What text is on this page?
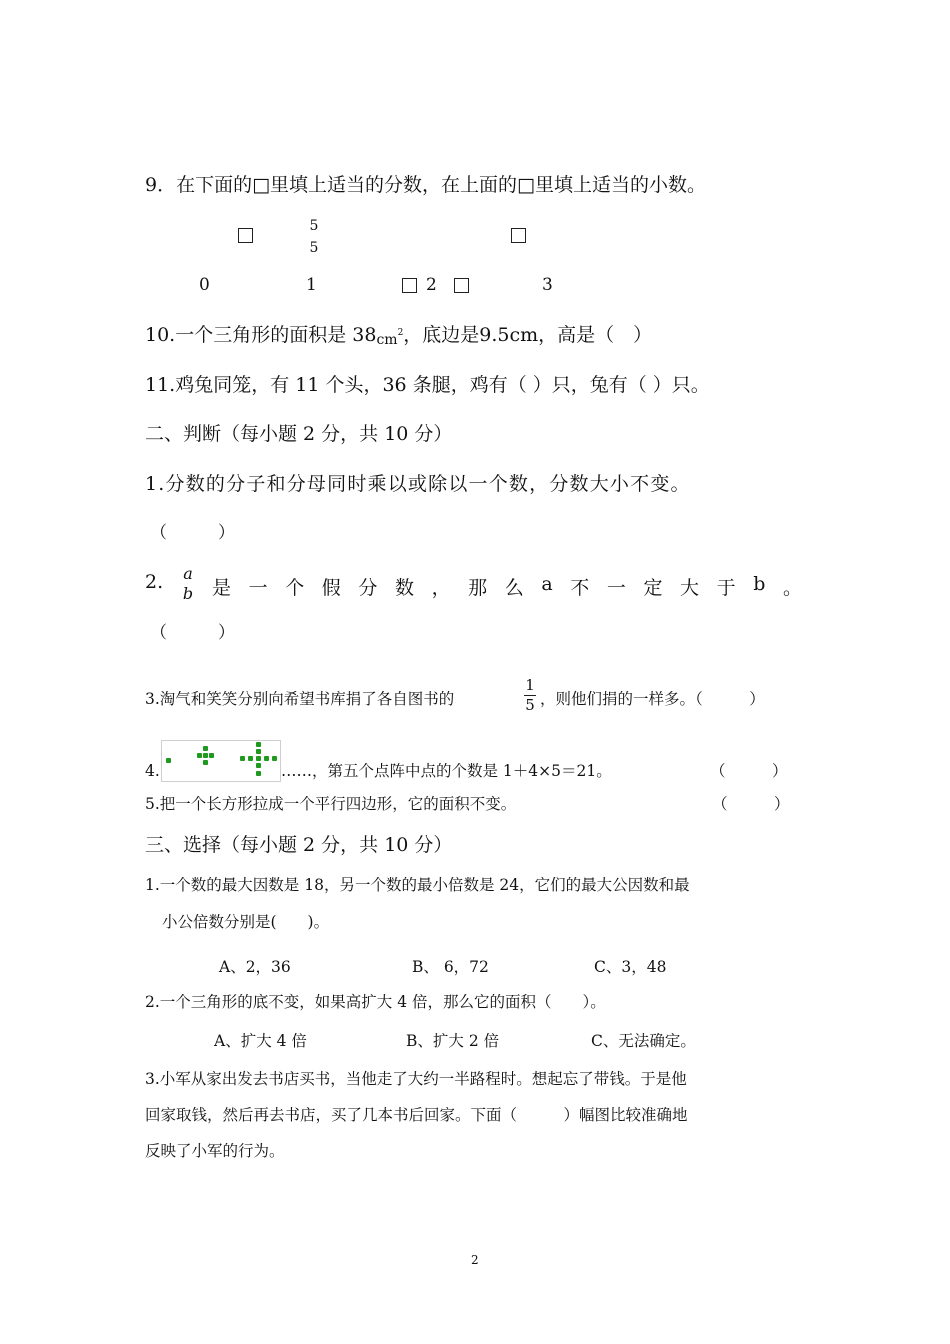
9．在下面的□里填上适当的分数，在上面的□里填上适当的小数。
5
5
0	1	2	3
10.一个三角形的面积是 $38_{cm}^2$，底边是9.5cm，高是（　）
11.鸡兔同笼，有 11 个头，36 条腿，鸡有（ ）只，兔有（ ）只。
二、判断（每小题 2 分，共 10 分）
1.分数的分子和分母同时乘以或除以一个数，分数大小不变。
（　　　）
2. a
b 是 一 个 假 分 数 ， 那 么 a 不 一 定 大 于 b 。
（　　　）
3.淘气和笑笑分别向希望书库捐了各自图书的
1
5 ，则他们捐的一样多。（　　　）
4.	……，第五个点阵中点的个数是 1＋4×5＝21。	（　　　）
5.把一个长方形拉成一个平行四边形，它的面积不变。	（　　　）
三、选择（每小题 2 分，共 10 分）
1.一个数的最大因数是 18，另一个数的最小倍数是 24，它们的最大公因数和最
小公倍数分别是(　　)。
A、2，36	B、 6，72	C、3，48
2.一个三角形的底不变，如果高扩大 4 倍，那么它的面积（　　）。
A、扩大 4 倍	B、扩大 2 倍	C、无法确定。
3.小军从家出发去书店买书，当他走了大约一半路程时。想起忘了带钱。于是他
回家取钱，然后再去书店，买了几本书后回家。下面（　　　）幅图比较准确地
反映了小军的行为。
2
